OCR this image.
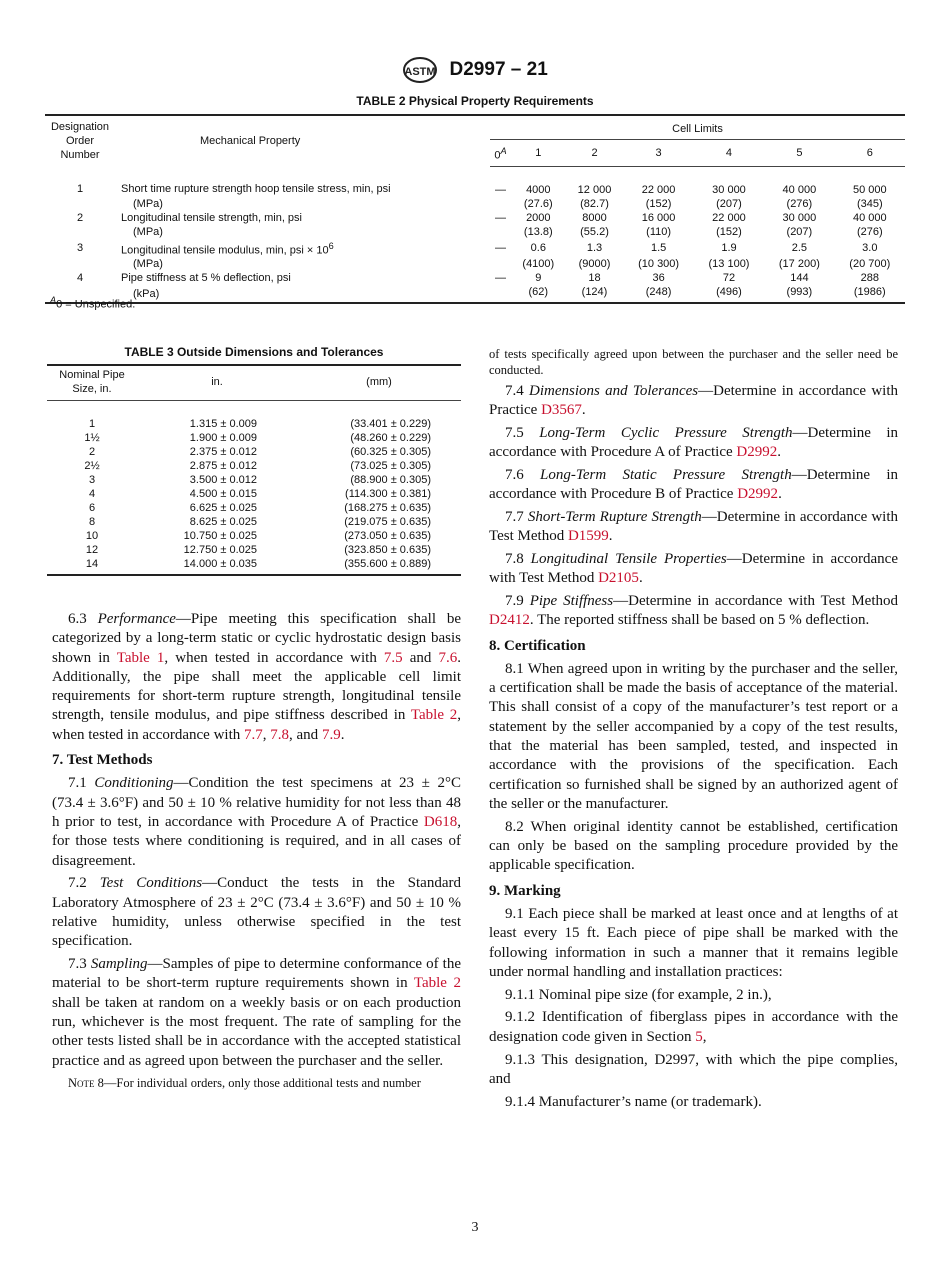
ASTM D2997 – 21
TABLE 2 Physical Property Requirements
Designation Order Number	Mechanical Property	Cell Limits						
		$0^A$	1	2	3	4	5	6
1	Short time rupture strength hoop tensile stress, min, psi	—	4000	12 000	22 000	30 000	40 000	50 000
	(MPa)		(27.6)	(82.7)	(152)	(207)	(276)	(345)
2	Longitudinal tensile strength, min, psi	—	2000	8000	16 000	22 000	30 000	40 000
	(MPa)		(13.8)	(55.2)	(110)	(152)	(207)	(276)
3	Longitudinal tensile modulus, min, psi × $10^6$	—	0.6	1.3	1.5	1.9	2.5	3.0
	(MPa)		(4100)	(9000)	(10 300)	(13 100)	(17 200)	(20 700)
4	Pipe stiffness at 5 % deflection, psi	—	9	18	36	72	144	288
	(kPa)		(62)	(124)	(248)	(496)	(993)	(1986)
$^A$0 = Unspecified.
TABLE 3 Outside Dimensions and Tolerances
Nominal Pipe Size, in.	in.	(mm)
1	1.315 ± 0.009	(33.401 ± 0.229)
1½	1.900 ± 0.009	(48.260 ± 0.229)
2	2.375 ± 0.012	(60.325 ± 0.305)
2½	2.875 ± 0.012	(73.025 ± 0.305)
3	3.500 ± 0.012	(88.900 ± 0.305)
4	4.500 ± 0.015	(114.300 ± 0.381)
6	6.625 ± 0.025	(168.275 ± 0.635)
8	8.625 ± 0.025	(219.075 ± 0.635)
10	10.750 ± 0.025	(273.050 ± 0.635)
12	12.750 ± 0.025	(323.850 ± 0.635)
14	14.000 ± 0.035	(355.600 ± 0.889)

6.3 Performance—Pipe meeting this specification shall be categorized by a long-term static or cyclic hydrostatic design basis shown in Table 1, when tested in accordance with 7.5 and 7.6. Additionally, the pipe shall meet the applicable cell limit requirements for short-term rupture strength, longitudinal tensile strength, tensile modulus, and pipe stiffness described in Table 2, when tested in accordance with 7.7, 7.8, and 7.9.

7. Test Methods

7.1 Conditioning—Condition the test specimens at 23 ± 2°C (73.4 ± 3.6°F) and 50 ± 10 % relative humidity for not less than 48 h prior to test, in accordance with Procedure A of Practice D618, for those tests where conditioning is required, and in all cases of disagreement.

7.2 Test Conditions—Conduct the tests in the Standard Laboratory Atmosphere of 23 ± 2°C (73.4 ± 3.6°F) and 50 ± 10 % relative humidity, unless otherwise specified in the test specification.

7.3 Sampling—Samples of pipe to determine conformance of the material to be short-term rupture requirements shown in Table 2 shall be taken at random on a weekly basis or on each production run, whichever is the most frequent. The rate of sampling for the other tests listed shall be in accordance with the accepted statistical practice and as agreed upon between the purchaser and the seller.

Note 8—For individual orders, only those additional tests and number

of tests specifically agreed upon between the purchaser and the seller need be conducted.

7.4 Dimensions and Tolerances—Determine in accordance with Practice D3567.

7.5 Long-Term Cyclic Pressure Strength—Determine in accordance with Procedure A of Practice D2992.

7.6 Long-Term Static Pressure Strength—Determine in accordance with Procedure B of Practice D2992.

7.7 Short-Term Rupture Strength—Determine in accordance with Test Method D1599.

7.8 Longitudinal Tensile Properties—Determine in accordance with Test Method D2105.

7.9 Pipe Stiffness—Determine in accordance with Test Method D2412. The reported stiffness shall be based on 5 % deflection.

8. Certification

8.1 When agreed upon in writing by the purchaser and the seller, a certification shall be made the basis of acceptance of the material. This shall consist of a copy of the manufacturer’s test report or a statement by the seller accompanied by a copy of the test results, that the material has been sampled, tested, and inspected in accordance with the provisions of the specification. Each certification so furnished shall be signed by an authorized agent of the seller or the manufacturer.

8.2 When original identity cannot be established, certification can only be based on the sampling procedure provided by the applicable specification.

9. Marking

9.1 Each piece shall be marked at least once and at lengths of at least every 15 ft. Each piece of pipe shall be marked with the following information in such a manner that it remains legible under normal handling and installation practices:

9.1.1 Nominal pipe size (for example, 2 in.),

9.1.2 Identification of fiberglass pipes in accordance with the designation code given in Section 5,

9.1.3 This designation, D2997, with which the pipe complies, and

9.1.4 Manufacturer’s name (or trademark).

3
